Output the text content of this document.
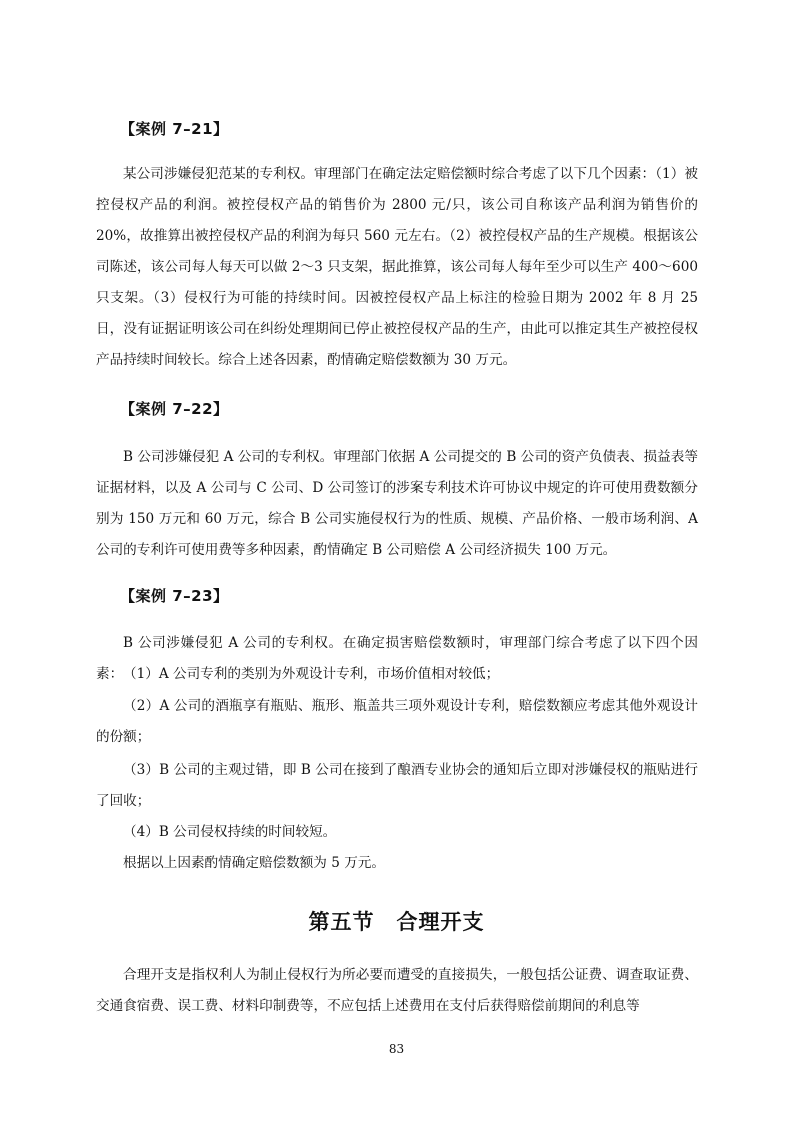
【案例 7–21】

某公司涉嫌侵犯范某的专利权。审理部门在确定法定赔偿额时综合考虑了以下几个因素：（1）被控侵权产品的利润。被控侵权产品的销售价为 2800 元/只，该公司自称该产品利润为销售价的 20%，故推算出被控侵权产品的利润为每只 560 元左右。（2）被控侵权产品的生产规模。根据该公司陈述，该公司每人每天可以做 2～3 只支架，据此推算，该公司每人每年至少可以生产 400～600 只支架。（3）侵权行为可能的持续时间。因被控侵权产品上标注的检验日期为 2002 年 8 月 25 日，没有证据证明该公司在纠纷处理期间已停止被控侵权产品的生产，由此可以推定其生产被控侵权产品持续时间较长。综合上述各因素，酌情确定赔偿数额为 30 万元。

【案例 7–22】

B 公司涉嫌侵犯 A 公司的专利权。审理部门依据 A 公司提交的 B 公司的资产负债表、损益表等证据材料，以及 A 公司与 C 公司、D 公司签订的涉案专利技术许可协议中规定的许可使用费数额分别为 150 万元和 60 万元，综合 B 公司实施侵权行为的性质、规模、产品价格、一般市场利润、A 公司的专利许可使用费等多种因素，酌情确定 B 公司赔偿 A 公司经济损失 100 万元。

【案例 7–23】

B 公司涉嫌侵犯 A 公司的专利权。在确定损害赔偿数额时，审理部门综合考虑了以下四个因素： （1）A 公司专利的类别为外观设计专利，市场价值相对较低；

（2）A 公司的酒瓶享有瓶贴、瓶形、瓶盖共三项外观设计专利，赔偿数额应考虑其他外观设计的份额；

（3）B 公司的主观过错，即 B 公司在接到了酿酒专业协会的通知后立即对涉嫌侵权的瓶贴进行了回收；

（4）B 公司侵权持续的时间较短。

根据以上因素酌情确定赔偿数额为 5 万元。

第五节　合理开支

合理开支是指权利人为制止侵权行为所必要而遭受的直接损失，一般包括公证费、调查取证费、交通食宿费、误工费、材料印制费等，不应包括上述费用在支付后获得赔偿前期间的利息等

83
